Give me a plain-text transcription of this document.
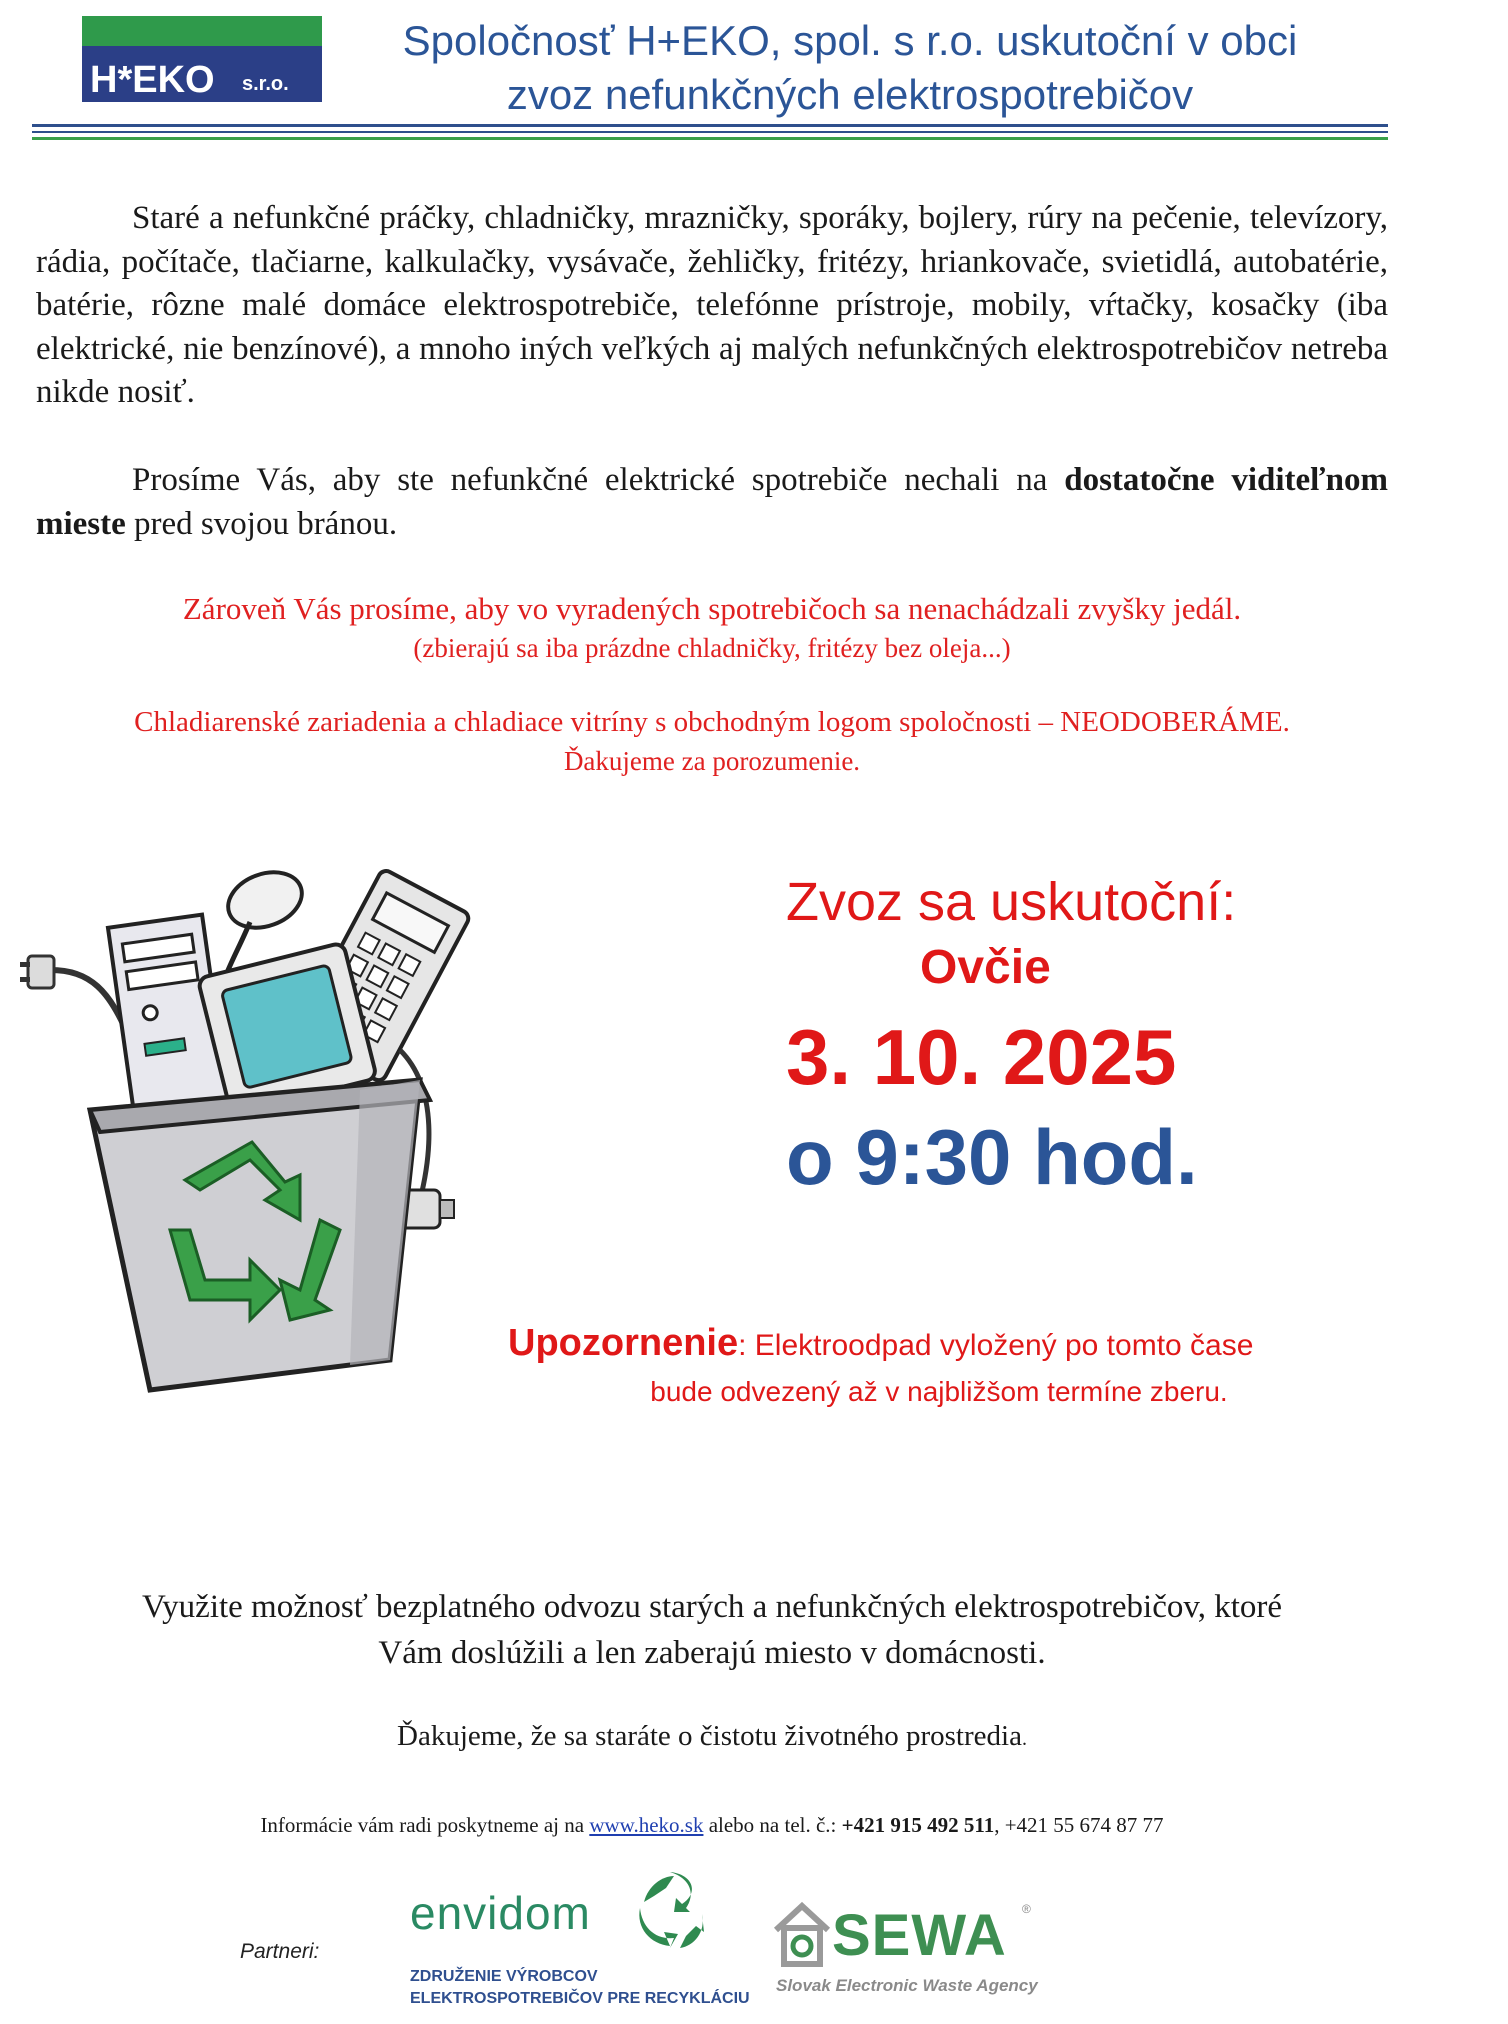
H*EKO s.r.o.
Spoločnosť H+EKO, spol. s r.o. uskutoční v obci
zvoz nefunkčných elektrospotrebičov
Staré a nefunkčné práčky, chladničky, mrazničky, sporáky, bojlery, rúry na pečenie, televízory, rádia, počítače, tlačiarne, kalkulačky, vysávače, žehličky, fritézy, hriankovače, svietidlá, autobatérie, batérie, rôzne malé domáce elektrospotrebiče, telefónne prístroje, mobily, vŕtačky, kosačky (iba elektrické, nie benzínové), a mnoho iných veľkých aj malých nefunkčných elektrospotrebičov netreba nikde nosiť.
Prosíme Vás, aby ste nefunkčné elektrické spotrebiče nechali na dostatočne viditeľnom mieste pred svojou bránou.
Zároveň Vás prosíme, aby vo vyradených spotrebičoch sa nenachádzali zvyšky jedál.
(zbierajú sa iba prázdne chladničky, fritézy bez oleja...)
Chladiarenské zariadenia a chladiace vitríny s obchodným logom spoločnosti – NEODOBERÁME.
Ďakujeme za porozumenie.
Zvoz sa uskutoční:
Ovčie
3. 10. 2025
o 9:30 hod.
Upozornenie: Elektroodpad vyložený po tomto čase
bude odvezený až v najbližšom termíne zberu.
Využite možnosť bezplatného odvozu starých a nefunkčných elektrospotrebičov, ktoré
Vám doslúžili a len zaberajú miesto v domácnosti.
Ďakujeme, že sa staráte o čistotu životného prostredia.
Informácie vám radi poskytneme aj na www.heko.sk alebo na tel. č.: +421 915 492 511, +421 55 674 87 77
Partneri:
envidom
ZDRUŽENIE VÝROBCOV
ELEKTROSPOTREBIČOV PRE RECYKLÁCIU
SEWA ®
Slovak Electronic Waste Agency
